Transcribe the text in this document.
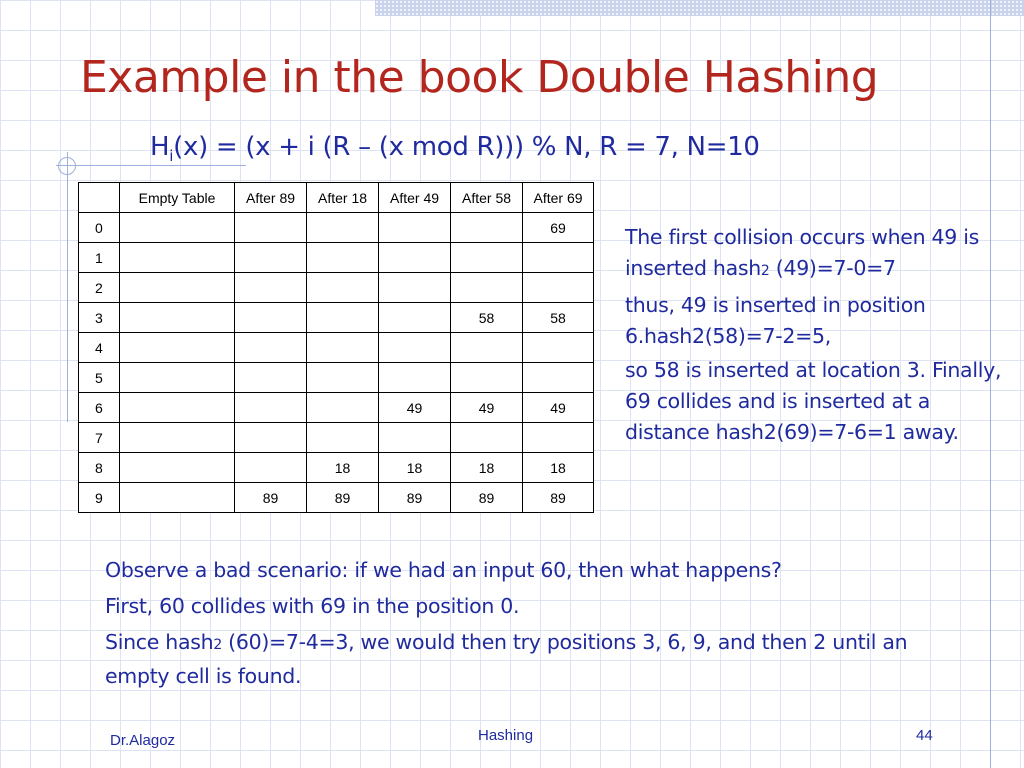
Example in the book Double Hashing
$H_i(x) = (x + i$ (R – (x mod R))) % N, R = 7, N=10
	Empty Table	After 89	After 18	After 49	After 58	After 69
0						69
1						
2						
3					58	58
4						
5						
6				49	49	49
7						
8			18	18	18	18
9		89	89	89	89	89

The first collision occurs when 49 is inserted hash2 (49)=7-0=7

thus, 49 is inserted in position 6.hash2(58)=7-2=5,

so 58 is inserted at location 3. Finally, 69 collides and is inserted at a distance hash2(69)=7-6=1 away.

Observe a bad scenario: if we had an input 60, then what happens?

First, 60 collides with 69 in the position 0.

Since hash2 (60)=7-4=3, we would then try positions 3, 6, 9, and then 2 until an empty cell is found.

Dr.Alagoz	Hashing	44
